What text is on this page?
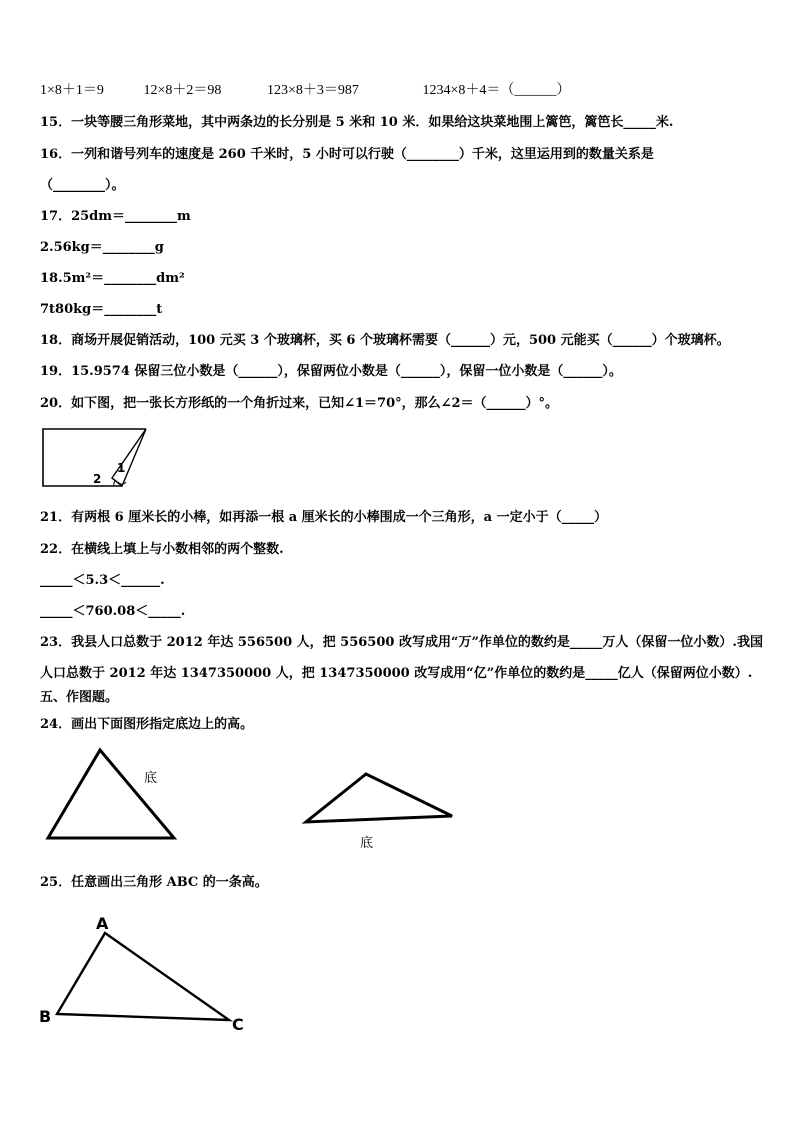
1×8＋1＝9	12×8＋2＝98	123×8＋3＝987	1234×8＋4＝（______）
15．一块等腰三角形菜地，其中两条边的长分别是 5 米和 10 米．如果给这块菜地围上篱笆，篱笆长_____米.
16．一列和谐号列车的速度是 260 千米时，5 小时可以行驶（________）千米，这里运用到的数量关系是
（________）。
17．25dm＝________m
2.56kg＝________g
18.5m²＝________dm²
7t80kg＝________t
18．商场开展促销活动，100 元买 3 个玻璃杯，买 6 个玻璃杯需要（______）元，500 元能买（______）个玻璃杯。
19．15.9574 保留三位小数是（______），保留两位小数是（______），保留一位小数是（______）。
20．如下图，把一张长方形纸的一个角折过来，已知∠1＝70°，那么∠2＝（______）°。
1
2
21．有两根 6 厘米长的小棒，如再添一根 a 厘米长的小棒围成一个三角形，a 一定小于（_____）
22．在横线上填上与小数相邻的两个整数.
_____＜5.3＜______.
_____＜760.08＜_____.
23．我县人口总数于 2012 年达 556500 人，把 556500 改写成用“万”作单位的数约是_____万人（保留一位小数）.我国
人口总数于 2012 年达 1347350000 人，把 1347350000 改写成用“亿”作单位的数约是_____亿人（保留两位小数）.
五、作图题。
24．画出下面图形指定底边上的高。
底
底
25．任意画出三角形 ABC 的一条高。
A
B	C
